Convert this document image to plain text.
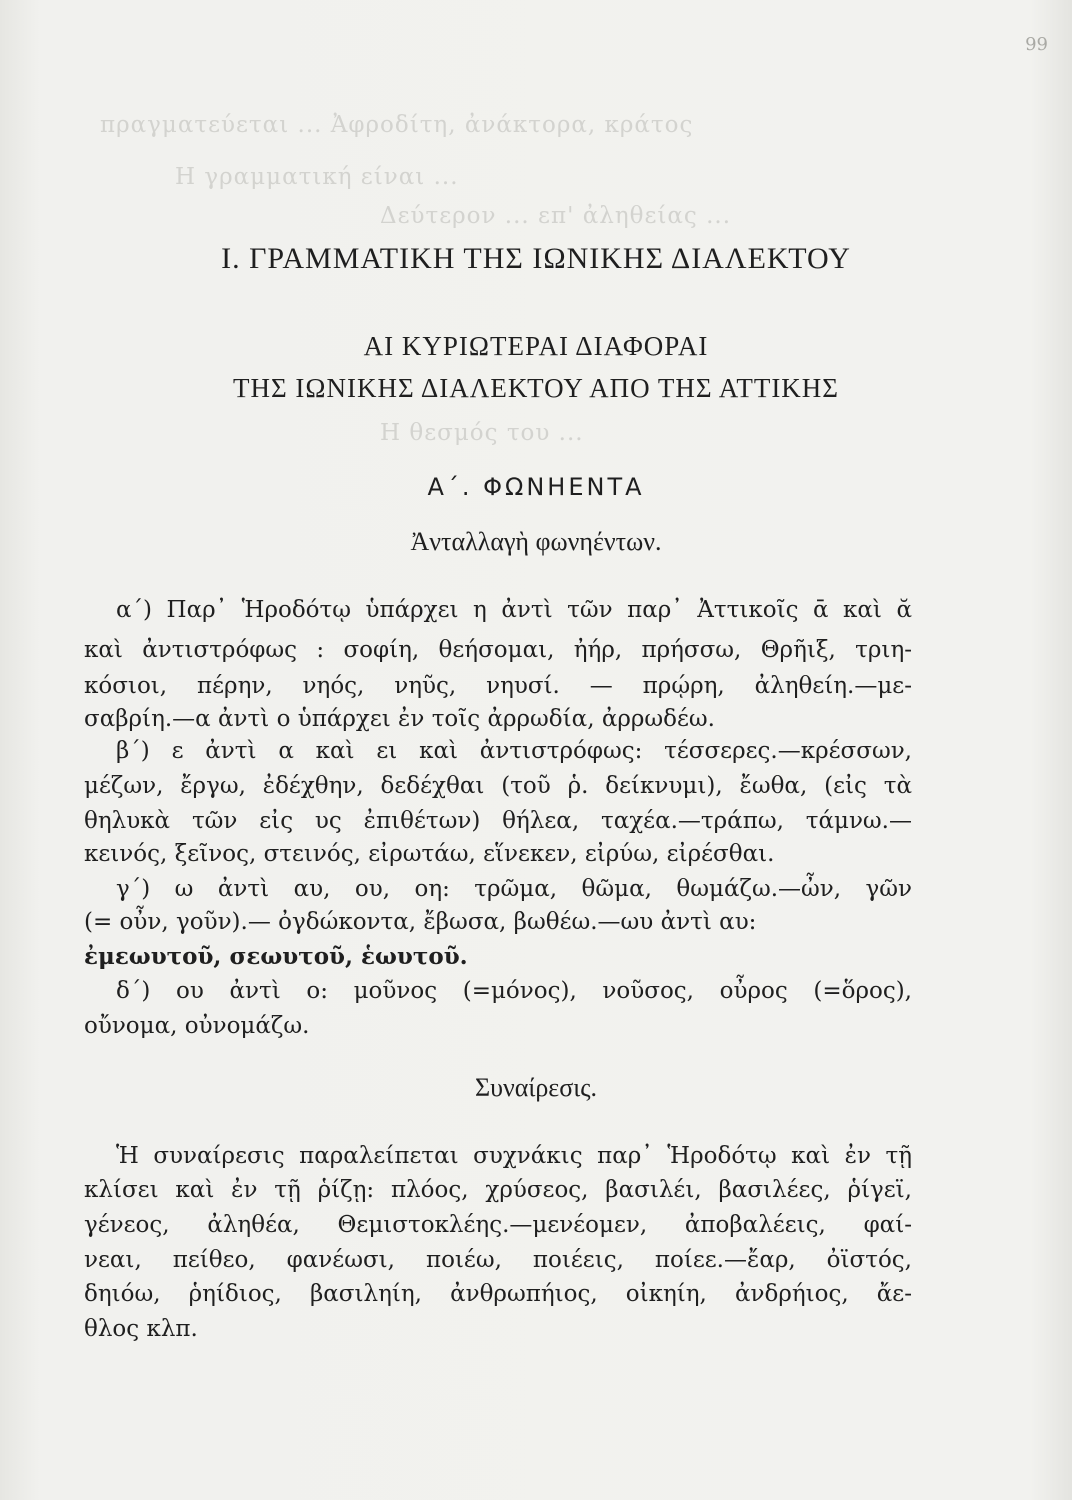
πραγματεύεται ... Ἀφροδίτη, ἀνάκτορα, κράτος
Η γραμματική είναι ...
Δεύτερον ... επ' ἀληθείας ...
Η θεσμός του ...
99
I. ΓΡΑΜΜΑΤΙΚΗ ΤΗΣ ΙΩΝΙΚΗΣ ΔΙΑΛΕΚΤΟΥ
ΑΙ ΚΥΡΙΩΤΕΡΑΙ ΔΙΑΦΟΡΑΙ
ΤΗΣ ΙΩΝΙΚΗΣ ΔΙΑΛΕΚΤΟΥ ΑΠΟ ΤΗΣ ΑΤΤΙΚΗΣ
Α΄. ΦΩΝΗΕΝΤΑ
Ἀνταλλαγὴ φωνηέντων.
α΄) Παρ᾽ Ἡροδότῳ ὑπάρχει η ἀντὶ τῶν παρ᾽ Ἀττικοῖς ᾱ καὶ ᾰ
καὶ ἀντιστρόφως : σοφίη, θεήσομαι, ἠήρ, πρήσσω, Θρῆιξ, τριη-
κόσιοι, πέρην, νηός, νηῦς, νηυσί. — πρῴρη, ἀληθείη.—με-
σαβρίη.—α ἀντὶ ο ὑπάρχει ἐν τοῖς ἀρρωδία, ἀρρωδέω.
β΄) ε ἀντὶ α καὶ ει καὶ ἀντιστρόφως: τέσσερες.—κρέσσων,
μέζων, ἔργω, ἐδέχθην, δεδέχθαι (τοῦ ῥ. δείκνυμι), ἔωθα, (εἰς τὰ
θηλυκὰ τῶν εἰς υς ἐπιθέτων) θήλεα, ταχέα.—τράπω, τάμνω.—
κεινός, ξεῖνος, στεινός, εἰρωτάω, εἵνεκεν, εἰρύω, εἰρέσθαι.
γ΄) ω ἀντὶ αυ, ου, οη: τρῶμα, θῶμα, θωμάζω.—ὦν, γῶν
(= οὖν, γοῦν).— ὀγδώκοντα, ἔβωσα, βωθέω.—ωυ ἀντὶ αυ:
ἐμεωυτοῦ, σεωυτοῦ, ἑωυτοῦ.
δ΄) ου ἀντὶ ο: μοῦνος (=μόνος), νοῦσος, οὖρος (=ὅρος),
οὔνομα, οὐνομάζω.
Συναίρεσις.
Ἡ συναίρεσις παραλείπεται συχνάκις παρ᾽ Ἡροδότῳ καὶ ἐν τῇ
κλίσει καὶ ἐν τῇ ῥίζῃ: πλόος, χρύσεος, βασιλέι, βασιλέες, ῥίγεϊ,
γένεος, ἀληθέα, Θεμιστοκλέης.—μενέομεν, ἀποβαλέεις, φαί-
νεαι, πείθεο, φανέωσι, ποιέω, ποιέεις, ποίεε.—ἔαρ, ὀϊστός,
δηιόω, ῥηίδιος, βασιληίη, ἀνθρωπήιος, οἰκηίη, ἀνδρήιος, ἄε-
θλος κλπ.
